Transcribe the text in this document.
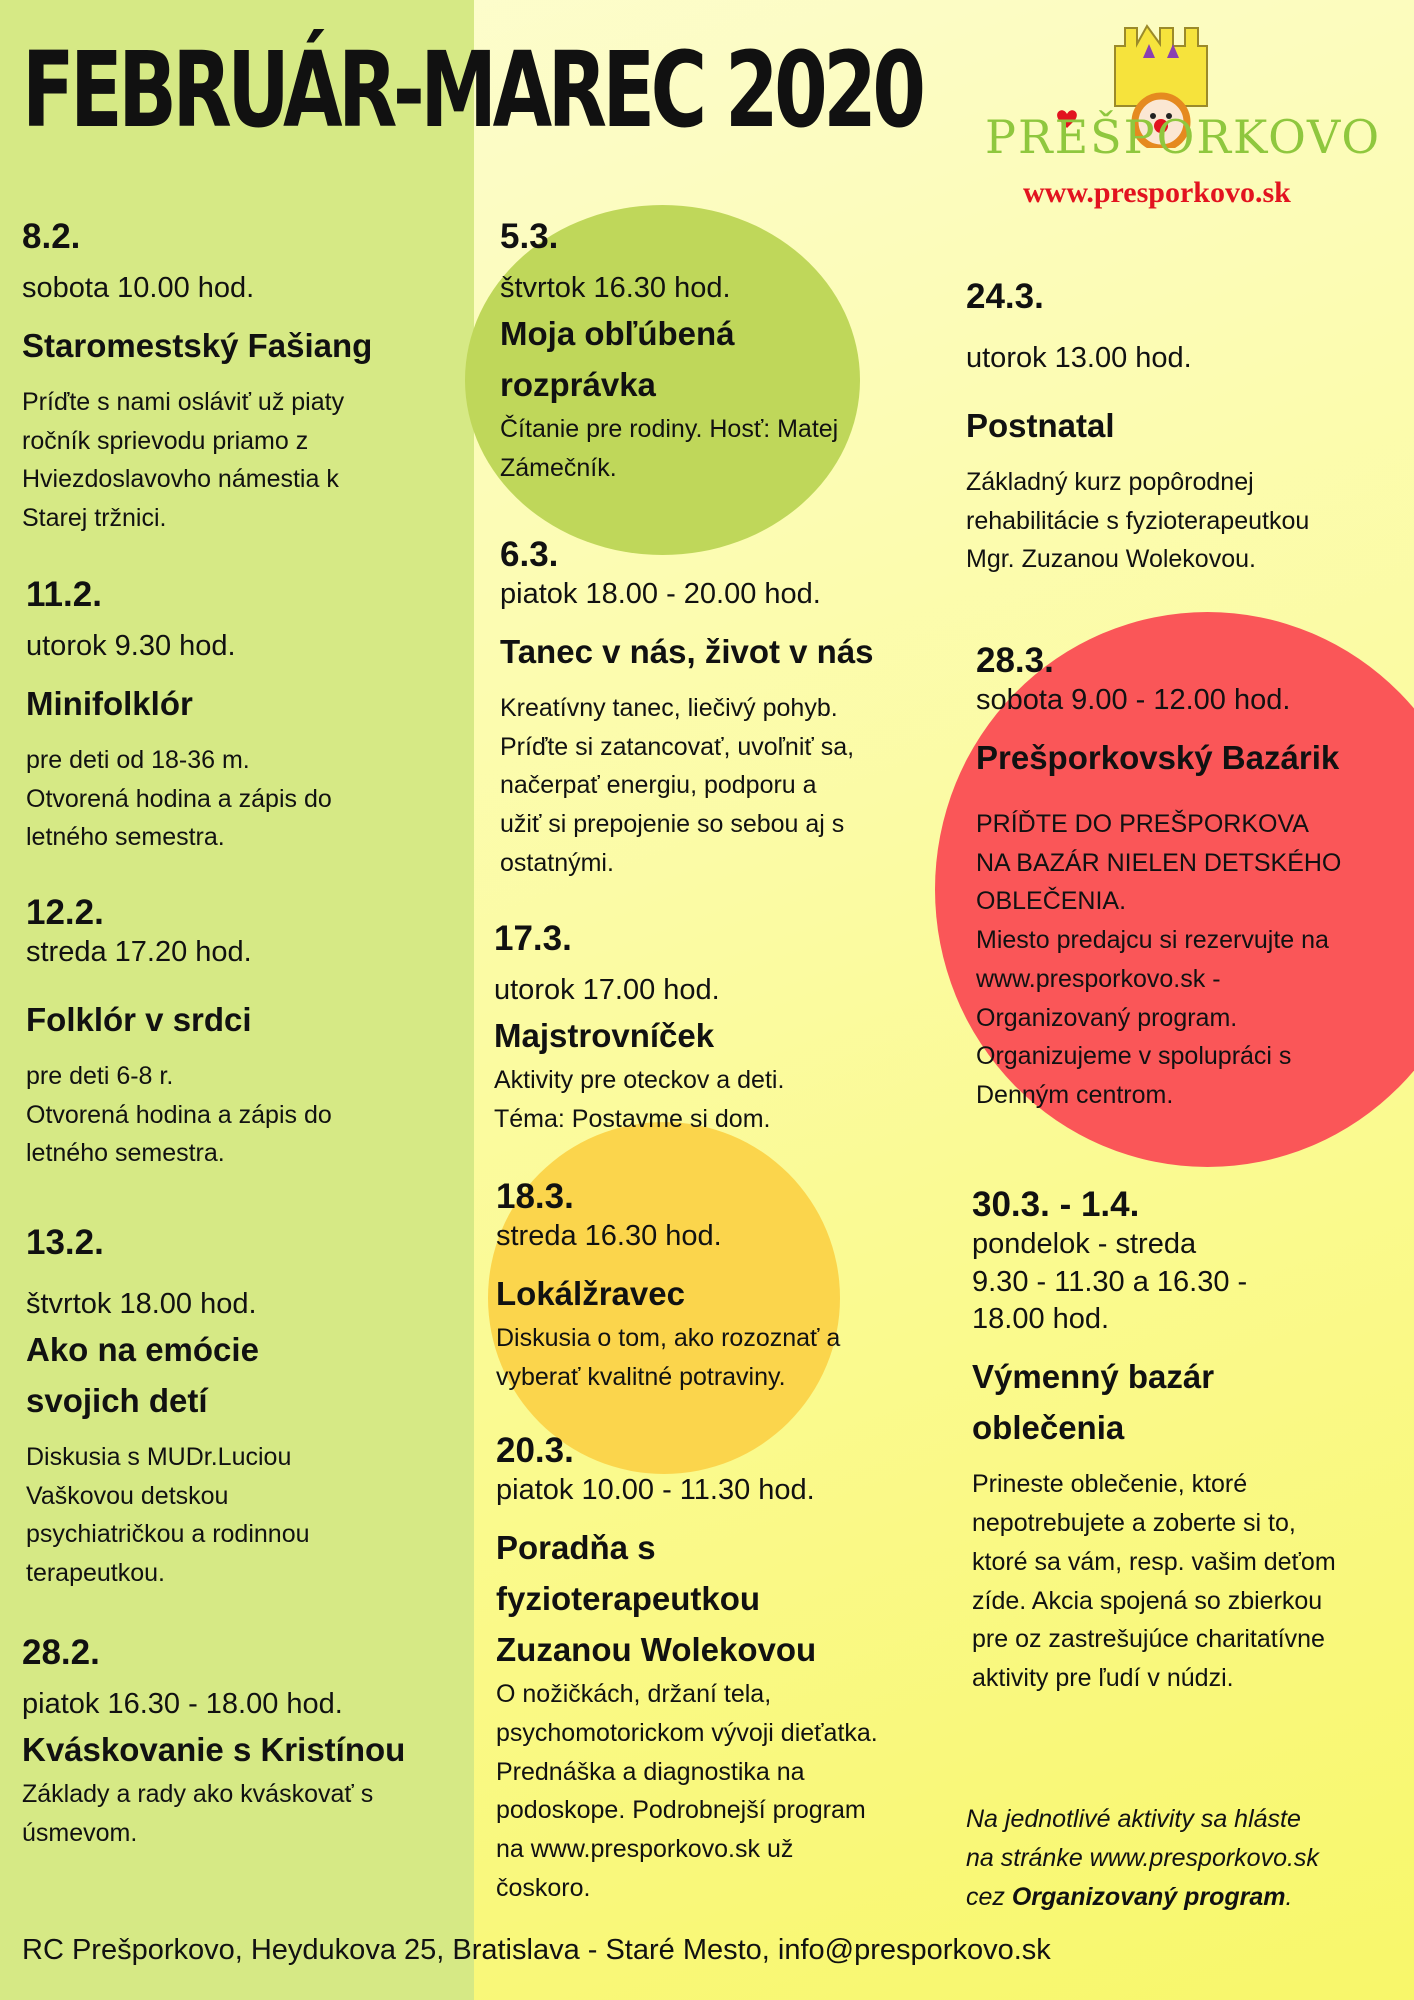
FEBRUÁR-MAREC 2020 PREŠPORKOVO
www.presporkovo.sk
8.2.
sobota 10.00 hod.
Staromestský Fašiang
Príďte s nami osláviť už piaty
ročník sprievodu priamo z
Hviezdoslavovho námestia k
Starej tržnici.
11.2.
utorok 9.30 hod.
Minifolklór
pre deti od 18-36 m.
Otvorená hodina a zápis do
letného semestra.
12.2.
streda 17.20 hod.
Folklór v srdci
pre deti 6-8 r.
Otvorená hodina a zápis do
letného semestra.
13.2.
štvrtok 18.00 hod.
Ako na emócie
svojich detí
Diskusia s MUDr.Luciou
Vaškovou detskou
psychiatričkou a rodinnou
terapeutkou.
28.2.
piatok 16.30 - 18.00 hod.
Kváskovanie s Kristínou
Základy a rady ako kváskovať s
úsmevom.
5.3.
štvrtok 16.30 hod.
Moja obľúbená
rozprávka
Čítanie pre rodiny. Hosť: Matej
Zámečník.
6.3.
piatok 18.00 - 20.00 hod.
Tanec v nás, život v nás
Kreatívny tanec, liečivý pohyb.
Príďte si zatancovať, uvoľniť sa,
načerpať energiu, podporu a
užiť si prepojenie so sebou aj s
ostatnými.
17.3.
utorok 17.00 hod.
Majstrovníček
Aktivity pre oteckov a deti.
Téma: Postavme si dom.
18.3.
streda 16.30 hod.
Lokálžravec
Diskusia o tom, ako rozoznať a
vyberať kvalitné potraviny.
20.3.
piatok 10.00 - 11.30 hod.
Poradňa s
fyzioterapeutkou
Zuzanou Wolekovou
O nožičkách, držaní tela,
psychomotorickom vývoji dieťatka.
Prednáška a diagnostika na
podoskope. Podrobnejší program
na www.presporkovo.sk už
čoskoro.
24.3.
utorok 13.00 hod.
Postnatal
Základný kurz popôrodnej
rehabilitácie s fyzioterapeutkou
Mgr. Zuzanou Wolekovou.
28.3.
sobota 9.00 - 12.00 hod.
Prešporkovský Bazárik
PRÍĎTE DO PREŠPORKOVA
NA BAZÁR NIELEN DETSKÉHO
OBLEČENIA.
Miesto predajcu si rezervujte na
www.presporkovo.sk -
Organizovaný program.
Organizujeme v spolupráci s
Denným centrom.
30.3. - 1.4.
pondelok - streda
9.30 - 11.30 a 16.30 -
18.00 hod.
Výmenný bazár
oblečenia
Prineste oblečenie, ktoré
nepotrebujete a zoberte si to,
ktoré sa vám, resp. vašim deťom
zíde. Akcia spojená so zbierkou
pre oz zastrešujúce charitatívne
aktivity pre ľudí v núdzi.
Na jednotlivé aktivity sa hláste
na stránke www.presporkovo.sk
cez Organizovaný program.
RC Prešporkovo, Heydukova 25, Bratislava - Staré Mesto, info@presporkovo.sk
